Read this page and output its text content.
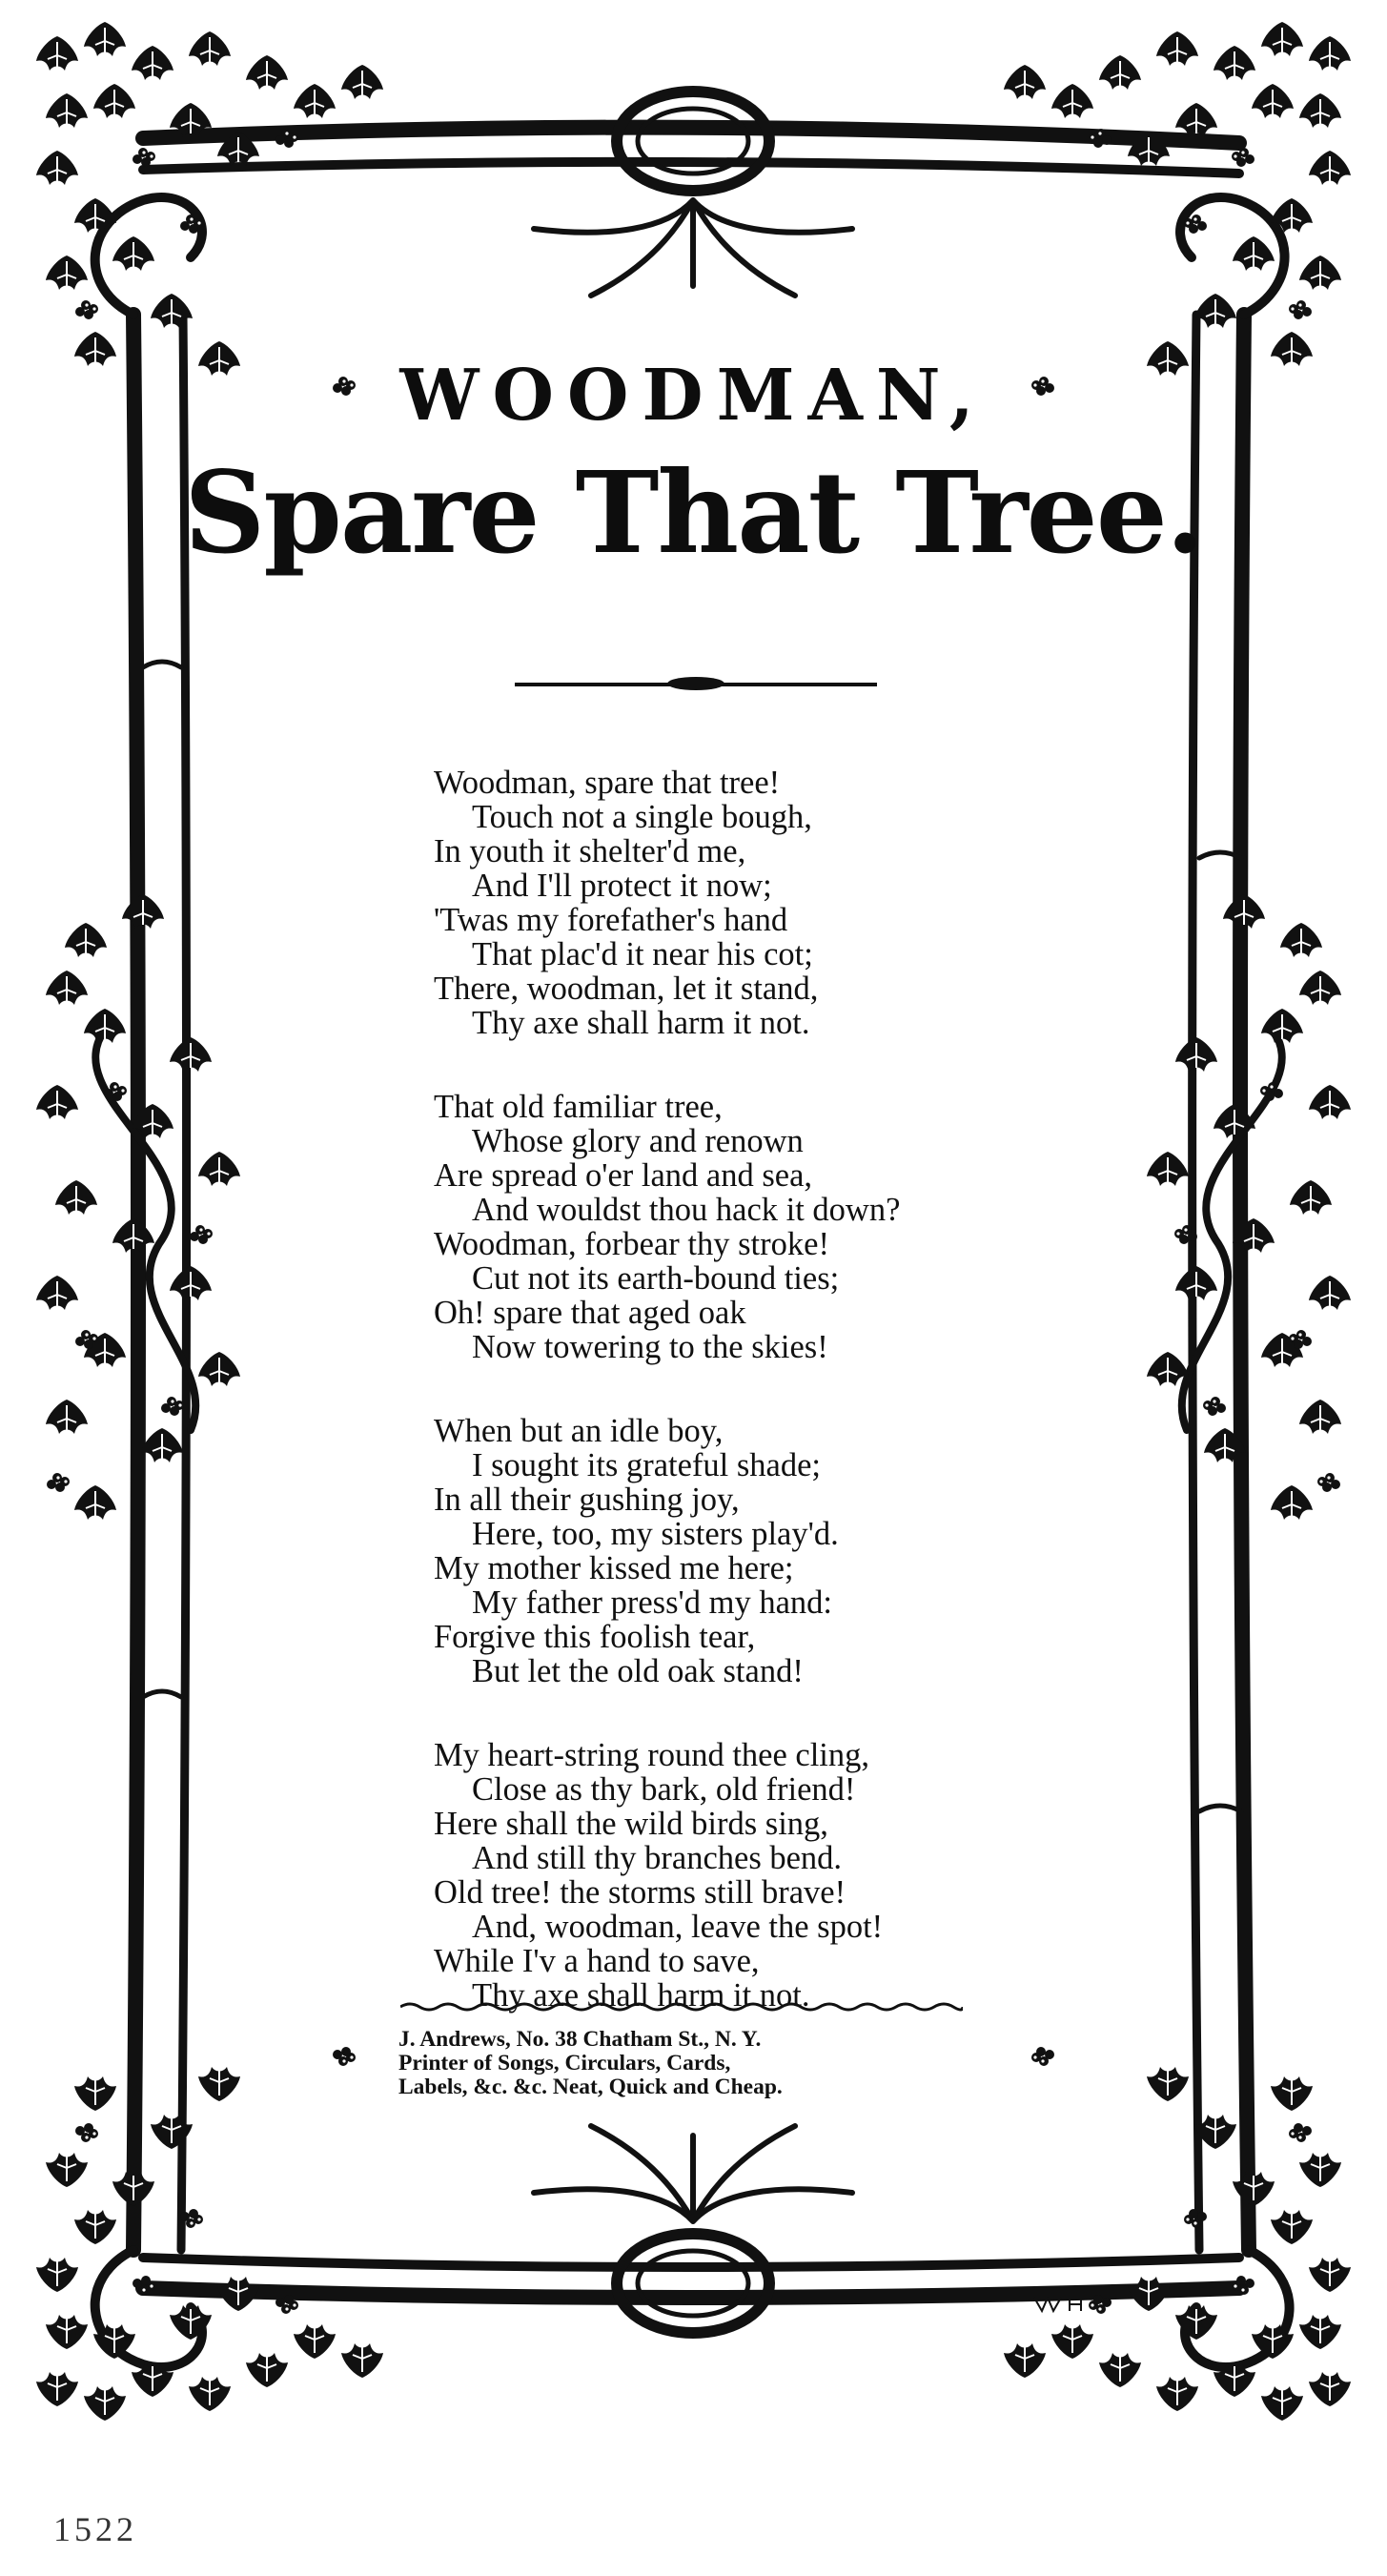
WOODMAN,
Spare That Tree.
Woodman, spare that tree!
Touch not a single bough,
In youth it shelter'd me,
And I'll protect it now;
'Twas my forefather's hand
That plac'd it near his cot;
There, woodman, let it stand,
Thy axe shall harm it not.
That old familiar tree,
Whose glory and renown
Are spread o'er land and sea,
And wouldst thou hack it down?
Woodman, forbear thy stroke!
Cut not its earth-bound ties;
Oh! spare that aged oak
Now towering to the skies!
When but an idle boy,
I sought its grateful shade;
In all their gushing joy,
Here, too, my sisters play'd.
My mother kissed me here;
My father press'd my hand:
Forgive this foolish tear,
But let the old oak stand!
My heart-string round thee cling,
Close as thy bark, old friend!
Here shall the wild birds sing,
And still thy branches bend.
Old tree! the storms still brave!
And, woodman, leave the spot!
While I'v a hand to save,
Thy axe shall harm it not.
J. Andrews, No. 38 Chatham St., N. Y.
Printer of Songs, Circulars, Cards,
Labels, &c. &c. Neat, Quick and Cheap.
1522
